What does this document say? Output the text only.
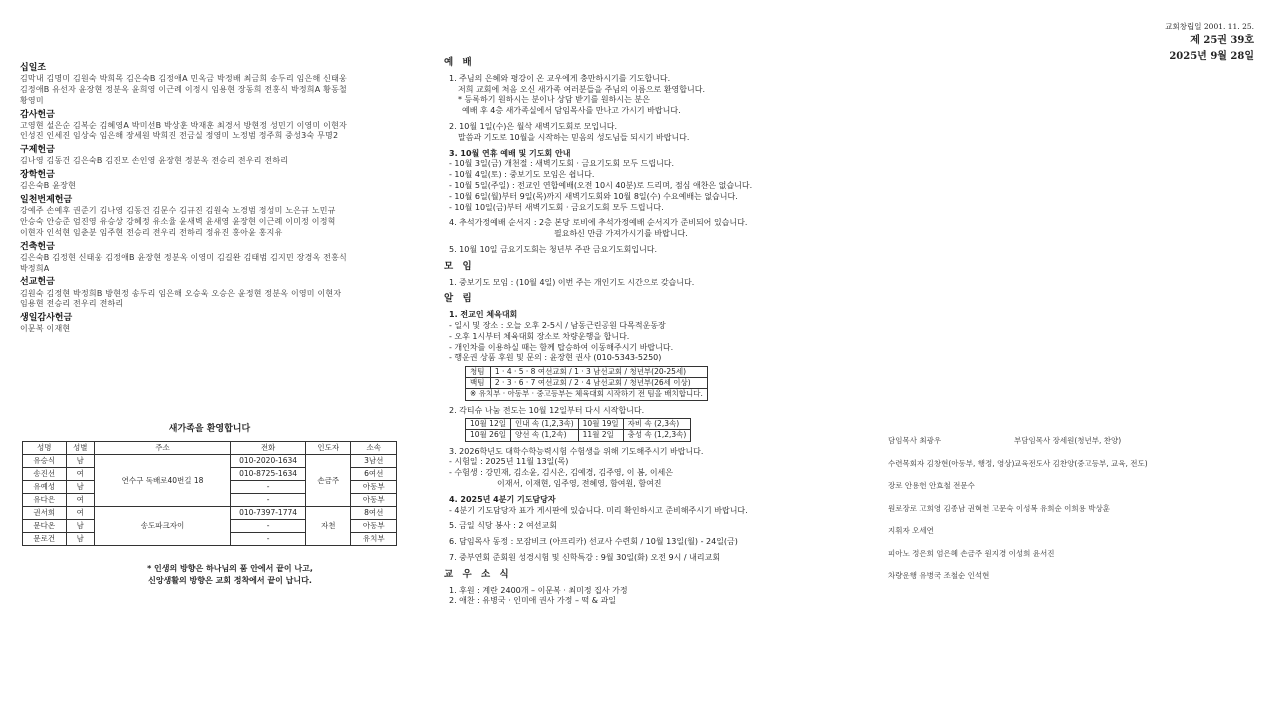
교회창립일 2001. 11. 25.
제 25권 39호
2025년 9월 28일
십일조
김막내 김명미 김원숙 박희목 김은숙B 김정애A 민옥금 박정배 최금희 송두리 임은해 신태웅
김정애B 유선자 윤장현 정분옥 윤희영 이근례 이정시 임용현 장동희 전홍식 박정희A 황동철
황영미
감사헌금
고영현 설은순 김복순 김혜영A 박미선B 박상훈 박재훈 최경서 방현정 성민기 이영미 이현자
인성진 인세진 임상숙 임은해 장세원 박희진 전금실 정영미 노정범 정주희 중성3숙 무명2
구제헌금
김나영 김동건 김은숙B 김진모 손인영 윤장현 정분옥 전승리 전우리 전하리
장학헌금
김은숙B 윤장현
일천번제헌금
강예주 손예후 권준기 김나영 김동건 김문수 김규진 김원숙 노경범 정성미 노은규 노민규
안승숙 안승준 엄진영 유승상 강혜정 유소율 윤새벽 윤새영 윤장현 이근례 이미정 이정혁
이현자 인석현 임춘분 임주현 전승리 전우리 전하리 정유진 홍아윤 홍지유
건축헌금
김은숙B 김정현 신태웅 김정애B 윤장현 정분옥 이영미 김길완 김태범 김지민 장경옥 전홍식
박정희A
선교헌금
김원숙 김정현 박정희B 방현정 송두리 임은해 오승욱 오승은 윤정현 정분옥 이영미 이현자
임용현 전승리 전우리 전하리
생일감사헌금
이문복 이재현
새가족을 환영합니다
성명	성별	주소	전화	인도자	소속
유승식	남	연수구 독배로40번길 18	010-2020-1634	손금주	3남선
송진선	여		010-8725-1634		6여선
유예성	남		-		아동부
유다은	여		-		아동부
권서희	여	송도파크자이	010-7397-1774	자천	8여선
문다온	남		-		아동부
문로건	남		-		유치부
* 인생의 방향은 하나님의 품 안에서 끝이 나고,
신앙생활의 방향은 교회 정착에서 끝이 납니다.
예 배
1. 주님의 은혜와 평강이 온 교우에게 충만하시기를 기도합니다.
저희 교회에 처음 오신 새가족 여러분들을 주님의 이름으로 환영합니다.
* 등록하기 원하시는 분이나 상담 받기를 원하시는 분은
예배 후 4층 새가족실에서 담임목사를 만나고 가시기 바랍니다.
2. 10월 1일(수)은 월삭 새벽기도회로 모입니다.
말씀과 기도로 10월을 시작하는 믿음의 성도님들 되시기 바랍니다.
3. 10월 연휴 예배 및 기도회 안내
- 10월 3일(금) 개천절 : 새벽기도회 · 금요기도회 모두 드립니다.
- 10월 4일(토) : 중보기도 모임은 쉽니다.
- 10월 5일(주일) : 전교인 연합예배(오전 10시 40분)로 드리며, 점심 애찬은 없습니다.
- 10월 6일(월)부터 9일(목)까지 새벽기도회와 10월 8일(수) 수요예배는 없습니다.
- 10월 10일(금)부터 새벽기도회 · 금요기도회 모두 드립니다.
4. 추석가정예배 순서지 : 2층 본당 로비에 추석가정예배 순서지가 준비되어 있습니다.
필요하신 만큼 가져가시기를 바랍니다.
5. 10월 10일 금요기도회는 청년부 주관 금요기도회입니다.
모 임
1. 중보기도 모임 : (10월 4일) 이번 주는 개인기도 시간으로 갖습니다.
알 림
1. 전교인 체육대회
- 일시 및 장소 : 오늘 오후 2-5시 / 남동근린공원 다목적운동장
- 오후 1시부터 체육대회 장소로 차량운행을 합니다.
- 개인차를 이용하실 때는 함께 탑승하여 이동해주시기 바랍니다.
- 행운권 상품 후원 및 문의 : 윤장현 권사 (010-5343-5250)
청팀	1 · 4 · 5 · 8 여선교회 / 1 · 3 남선교회 / 청년부(20-25세)
백팀	2 · 3 · 6 · 7 여선교회 / 2 · 4 남선교회 / 청년부(26세 이상)
※ 유치부 · 아동부 · 중고등부는 체육대회 시작하기 전 팀을 배치합니다.	
2. 각티슈 나눔 전도는 10월 12일부터 다시 시작합니다.
10월 12일	인내 속 (1,2,3속)	10월 19일	자비 속 (2,3속)
10월 26일	양선 속 (1,2속)	11월 2일	충성 속 (1,2,3속)
3. 2026학년도 대학수학능력시험 수험생을 위해 기도해주시기 바랍니다.
- 시험일 : 2025년 11월 13일(목)
- 수험생 : 강민재, 김소윤, 김시온, 김예경, 김주영, 이 봄, 이세은
이재서, 이재현, 임주영, 전혜영, 함여원, 함여진
4. 2025년 4분기 기도담당자
- 4분기 기도담당자 표가 게시판에 있습니다. 미리 확인하시고 준비해주시기 바랍니다.
5. 금일 식당 봉사 : 2 여선교회
6. 담임목사 동정 : 모잠비크 (아프리카) 선교사 수련회 / 10월 13일(월) - 24일(금)
7. 중부연회 준회원 성경시험 및 신학특강 : 9월 30일(화) 오전 9시 / 내리교회
교 우 소 식
1. 후원 : 계란 2400개 – 이문복 · 최미정 집사 가정
2. 애찬 : 유병국 · 인미애 권사 가정 – 떡 & 과일
담임목사 최광우	부담임목사 장세원(청년부, 찬양)
수련목회자 김창현(아동부, 행정, 영상) 교육전도사 김찬양(중고등부, 교육, 전도)
장로 안용헌 안효철 전문수
원로장로 고희영 김종남 권혁천 고문숙 이성복 유희순 이희용 박상훈
지휘자 오세연
피아노 정은희 엄은혜 손금주 원지경 이성희 윤서진
차량운행 유병국 조철순 인석현
